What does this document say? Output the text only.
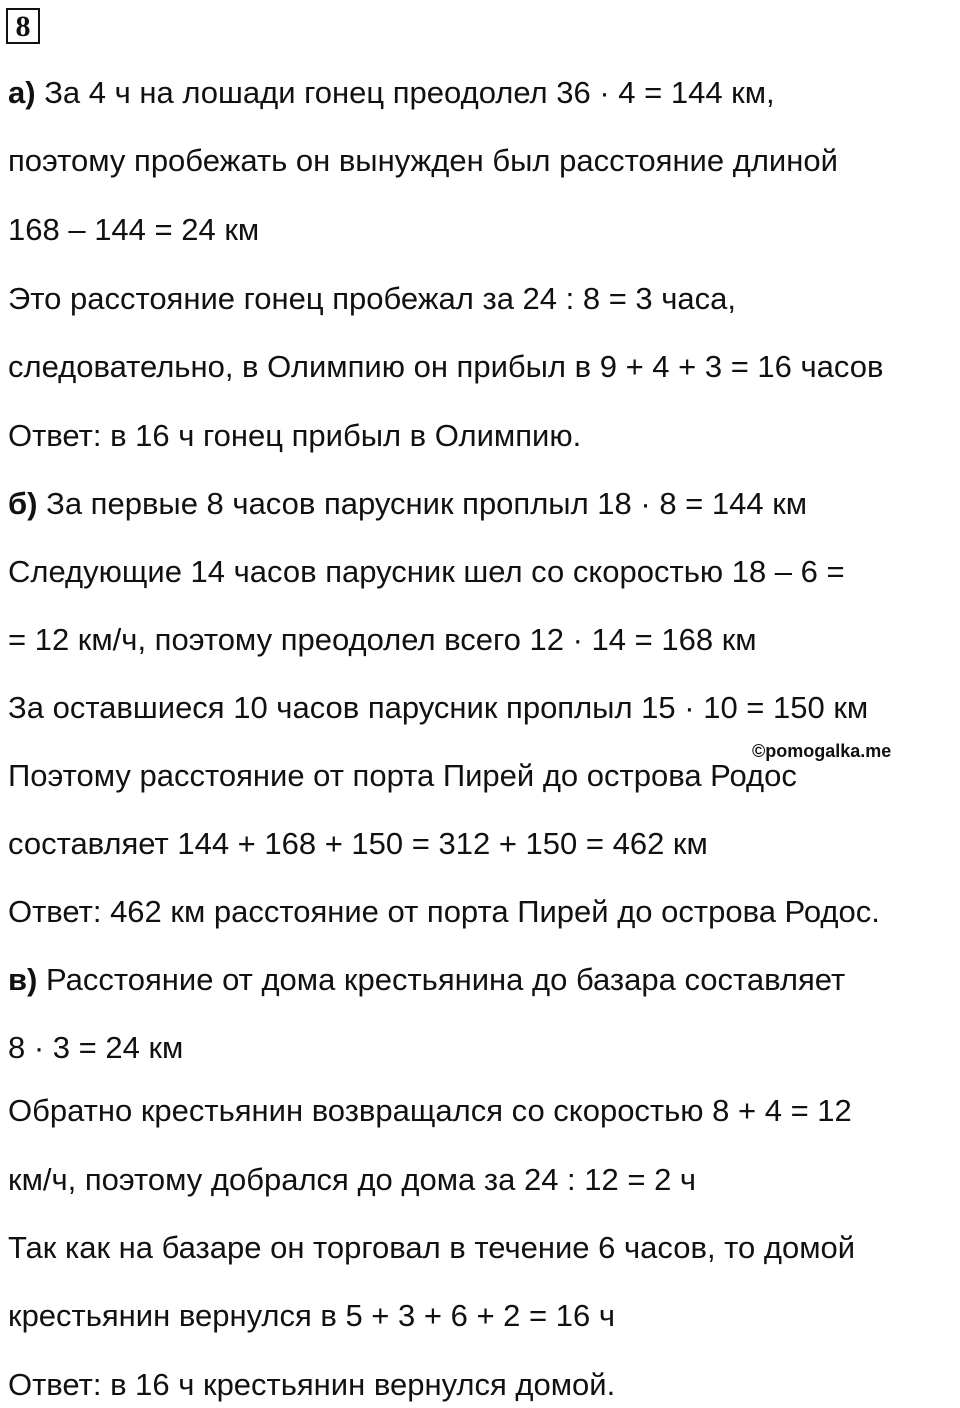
8
а) За 4 ч на лошади гонец преодолел 36 · 4 = 144 км,
поэтому пробежать он вынужден был расстояние длиной
168 – 144 = 24 км
Это расстояние гонец пробежал за 24 : 8 = 3 часа,
следовательно, в Олимпию он прибыл в 9 + 4 + 3 = 16 часов
Ответ: в 16 ч гонец прибыл в Олимпию.
б) За первые 8 часов парусник проплыл 18 · 8 = 144 км
Следующие 14 часов парусник шел со скоростью 18 – 6 =
= 12 км/ч, поэтому преодолел всего 12 · 14 = 168 км
За оставшиеся 10 часов парусник проплыл 15 · 10 = 150 км
©pomogalka.me
Поэтому расстояние от порта Пирей до острова Родос
составляет 144 + 168 + 150 = 312 + 150 = 462 км
Ответ: 462 км расстояние от порта Пирей до острова Родос.
в) Расстояние от дома крестьянина до базара составляет
8 · 3 = 24 км
Обратно крестьянин возвращался со скоростью 8 + 4 = 12
км/ч, поэтому добрался до дома за 24 : 12 = 2 ч
Так как на базаре он торговал в течение 6 часов, то домой
крестьянин вернулся в 5 + 3 + 6 + 2 = 16 ч
Ответ: в 16 ч крестьянин вернулся домой.
